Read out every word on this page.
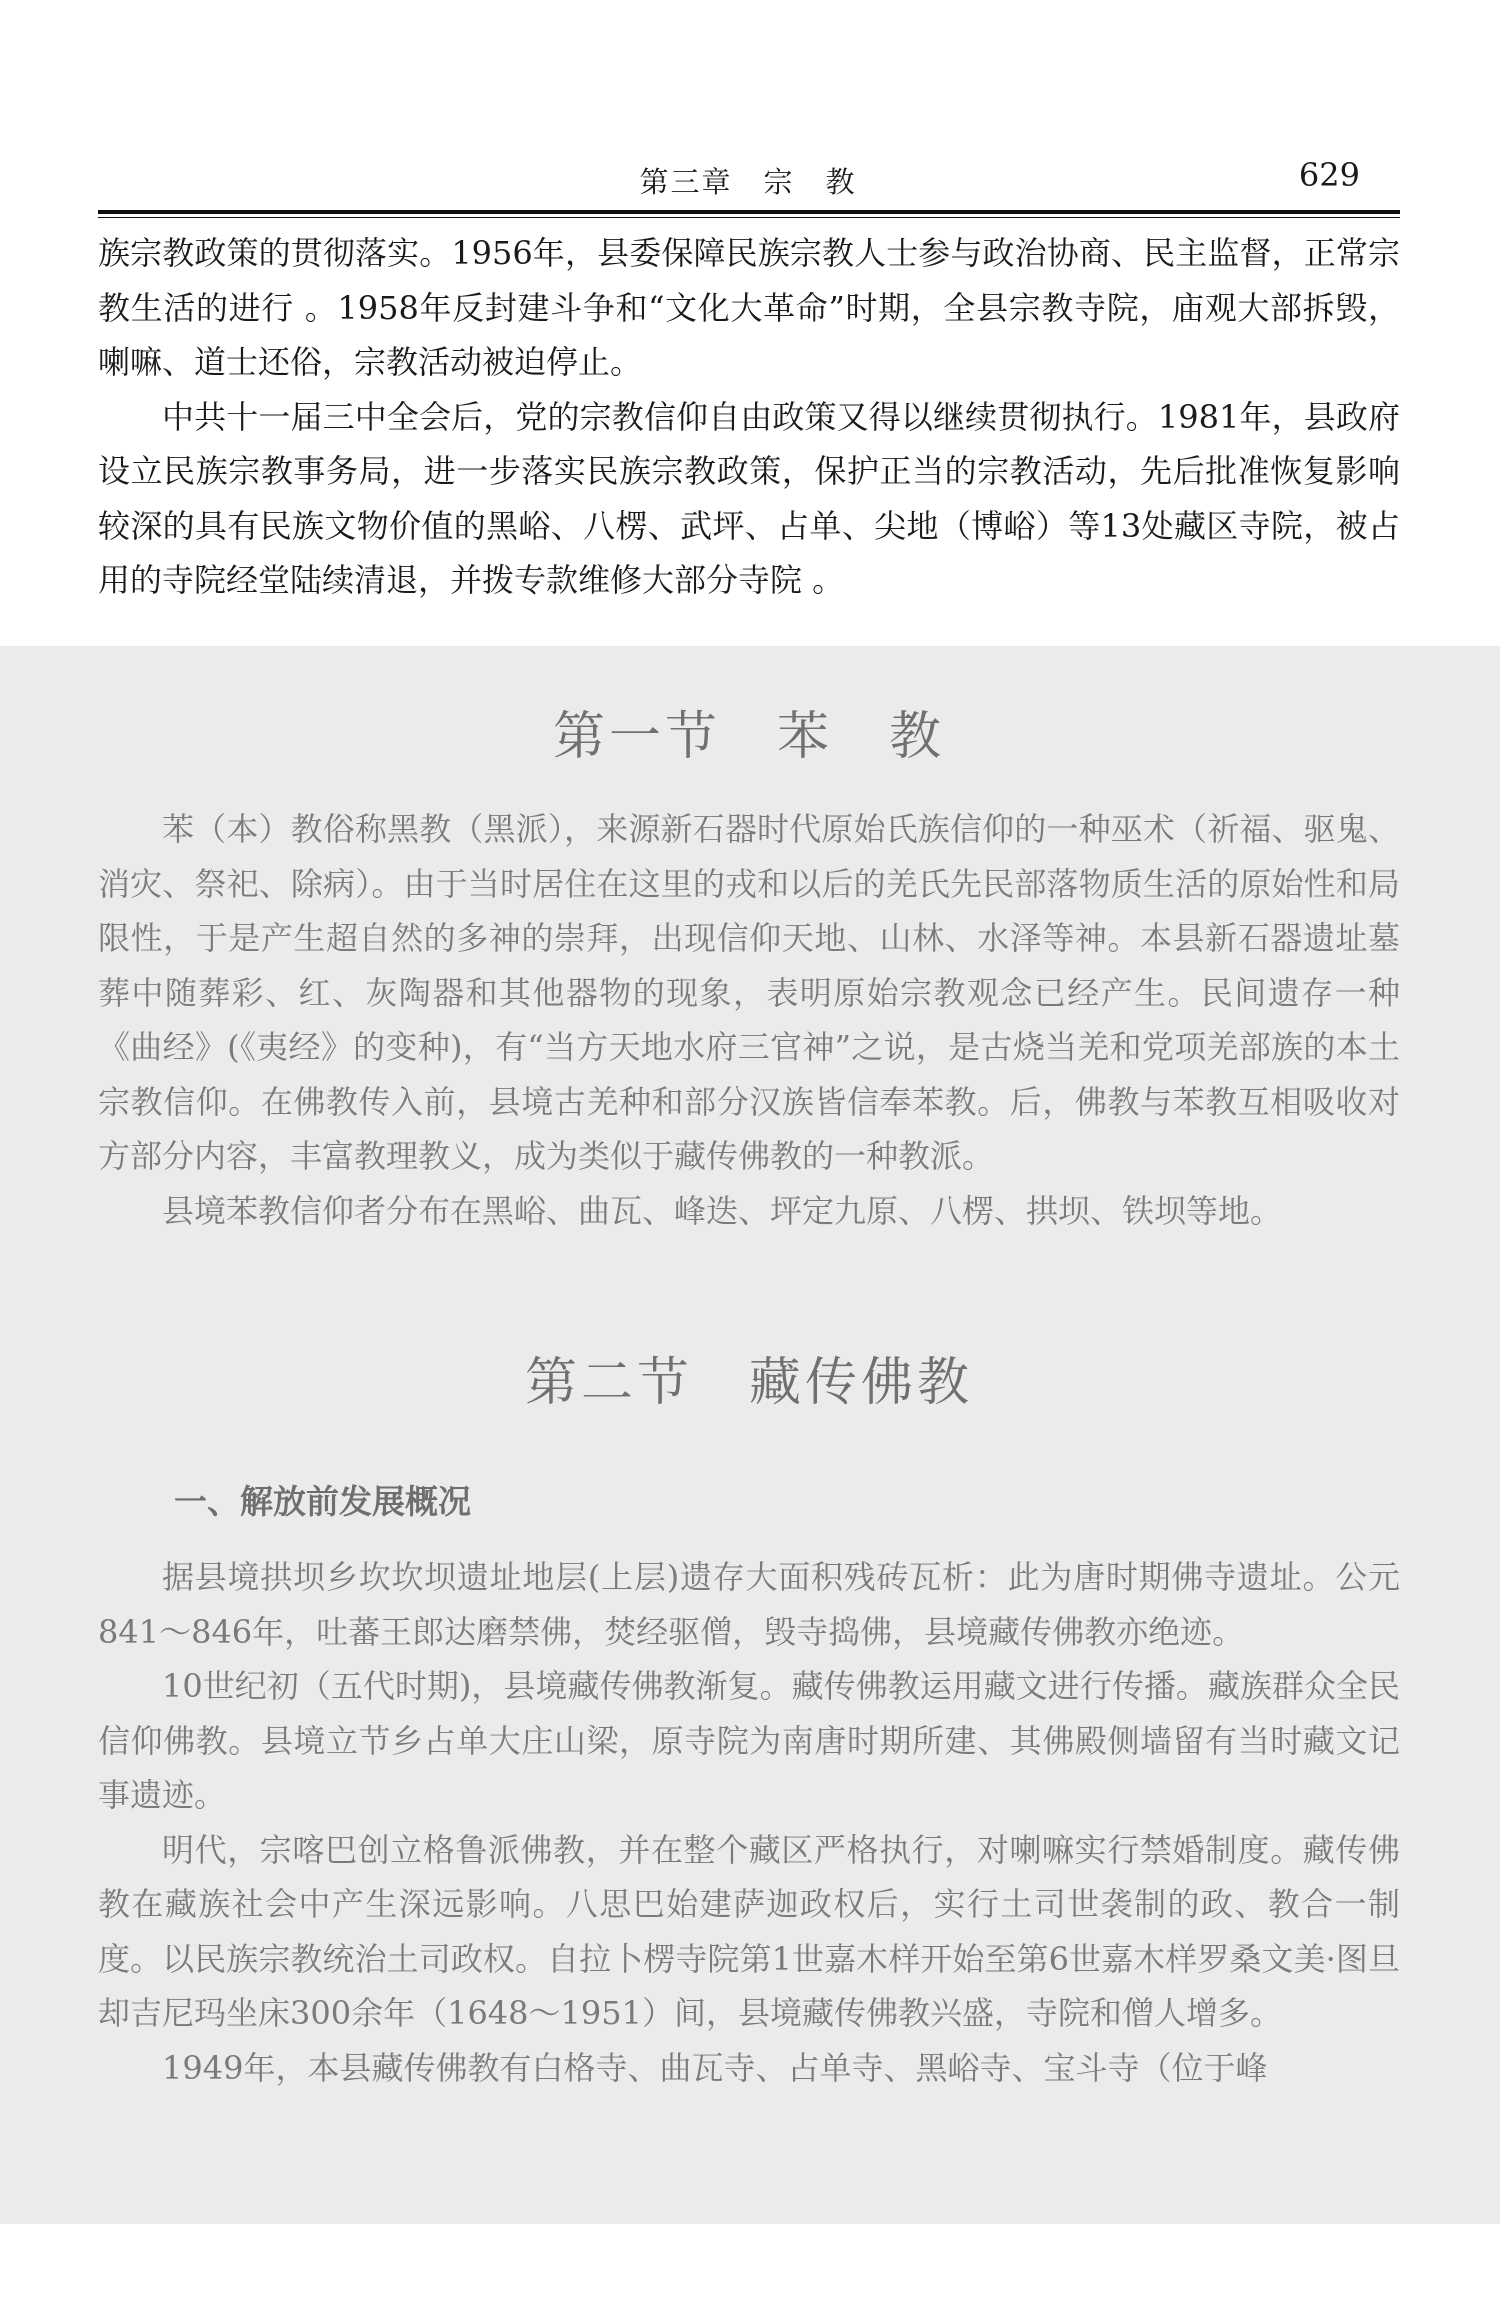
第三章　宗　教	629

族宗教政策的贯彻落实。1956年，县委保障民族宗教人士参与政治协商、民主监督，正常宗教生活的进行 。1958年反封建斗争和“文化大革命”时期，全县宗教寺院，庙观大部拆毁，喇嘛、道士还俗，宗教活动被迫停止。

中共十一届三中全会后，党的宗教信仰自由政策又得以继续贯彻执行。1981年，县政府设立民族宗教事务局，进一步落实民族宗教政策，保护正当的宗教活动，先后批准恢复影响较深的具有民族文物价值的黑峪、八楞、武坪、占单、尖地（博峪）等13处藏区寺院，被占用的寺院经堂陆续清退，并拨专款维修大部分寺院 。

第一节　苯　教

苯（本）教俗称黑教（黑派），来源新石器时代原始氏族信仰的一种巫术（祈福、驱鬼、消灾、祭祀、除病）。由于当时居住在这里的戎和以后的羌氏先民部落物质生活的原始性和局限性，于是产生超自然的多神的崇拜，出现信仰天地、山林、水泽等神。本县新石器遗址墓葬中随葬彩、红、灰陶器和其他器物的现象，表明原始宗教观念已经产生。民间遗存一种《曲经》(《夷经》的变种)，有“当方天地水府三官神”之说，是古烧当羌和党项羌部族的本土宗教信仰。在佛教传入前，县境古羌种和部分汉族皆信奉苯教。后，佛教与苯教互相吸收对方部分内容，丰富教理教义，成为类似于藏传佛教的一种教派。

县境苯教信仰者分布在黑峪、曲瓦、峰迭、坪定九原、八楞、拱坝、铁坝等地。

第二节　藏传佛教
一、解放前发展概况

据县境拱坝乡坎坎坝遗址地层(上层)遗存大面积残砖瓦析：此为唐时期佛寺遗址。公元841～846年，吐蕃王郎达磨禁佛，焚经驱僧，毁寺捣佛，县境藏传佛教亦绝迹。

10世纪初（五代时期)，县境藏传佛教渐复。藏传佛教运用藏文进行传播。藏族群众全民信仰佛教。县境立节乡占单大庄山梁，原寺院为南唐时期所建、其佛殿侧墙留有当时藏文记事遗迹。

明代，宗喀巴创立格鲁派佛教，并在整个藏区严格执行，对喇嘛实行禁婚制度。藏传佛教在藏族社会中产生深远影响。八思巴始建萨迦政权后，实行土司世袭制的政、教合一制度。以民族宗教统治土司政权。自拉卜楞寺院第1世嘉木样开始至第6世嘉木样罗桑文美·图旦却吉尼玛坐床300余年（1648～1951）间，县境藏传佛教兴盛，寺院和僧人增多。

1949年，本县藏传佛教有白格寺、曲瓦寺、占单寺、黑峪寺、宝斗寺（位于峰
